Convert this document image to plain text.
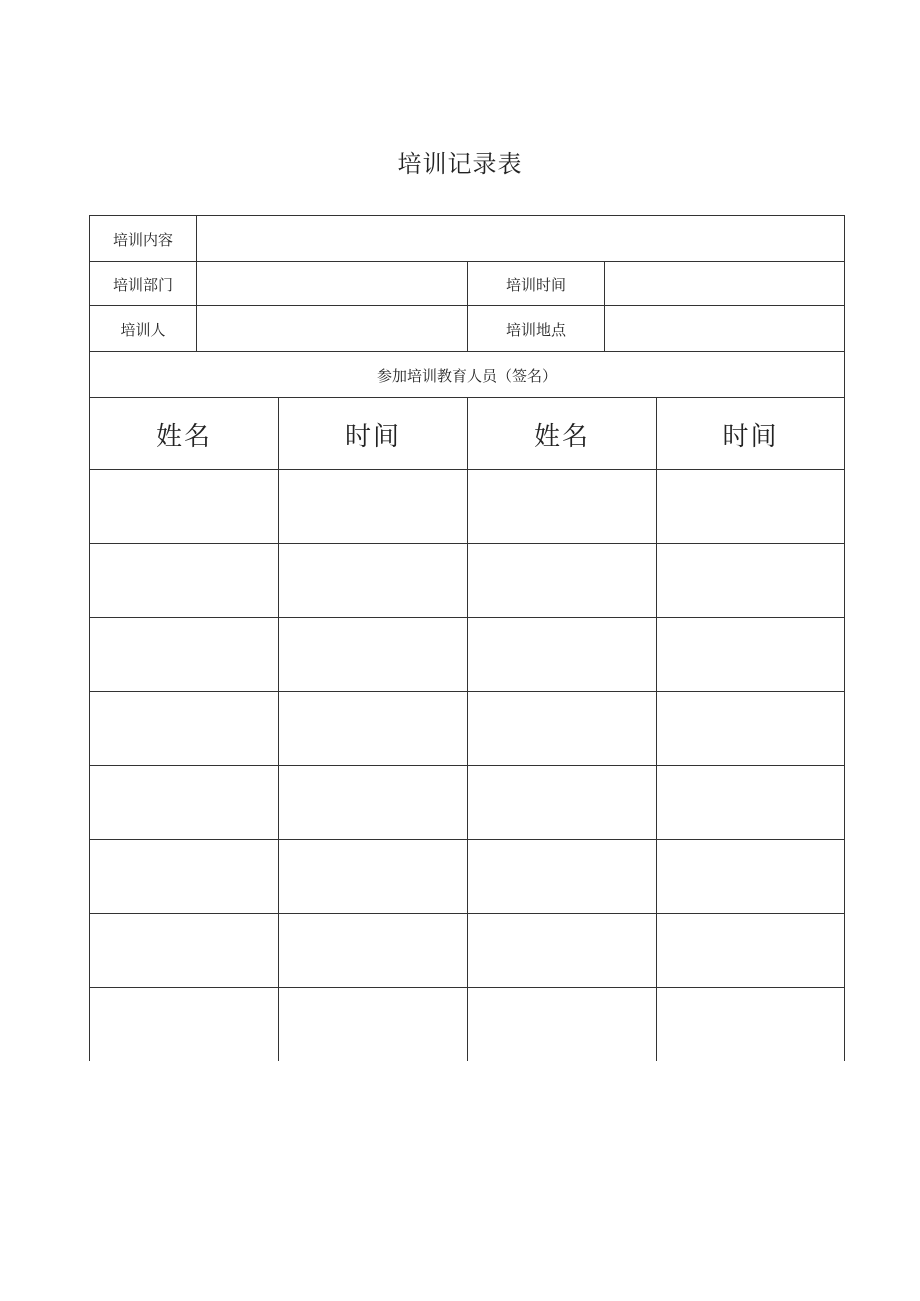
培训记录表
培训内容
培训部门	培训时间
培训人	培训地点
参加培训教育人员（签名）
姓名	时间	姓名	时间
